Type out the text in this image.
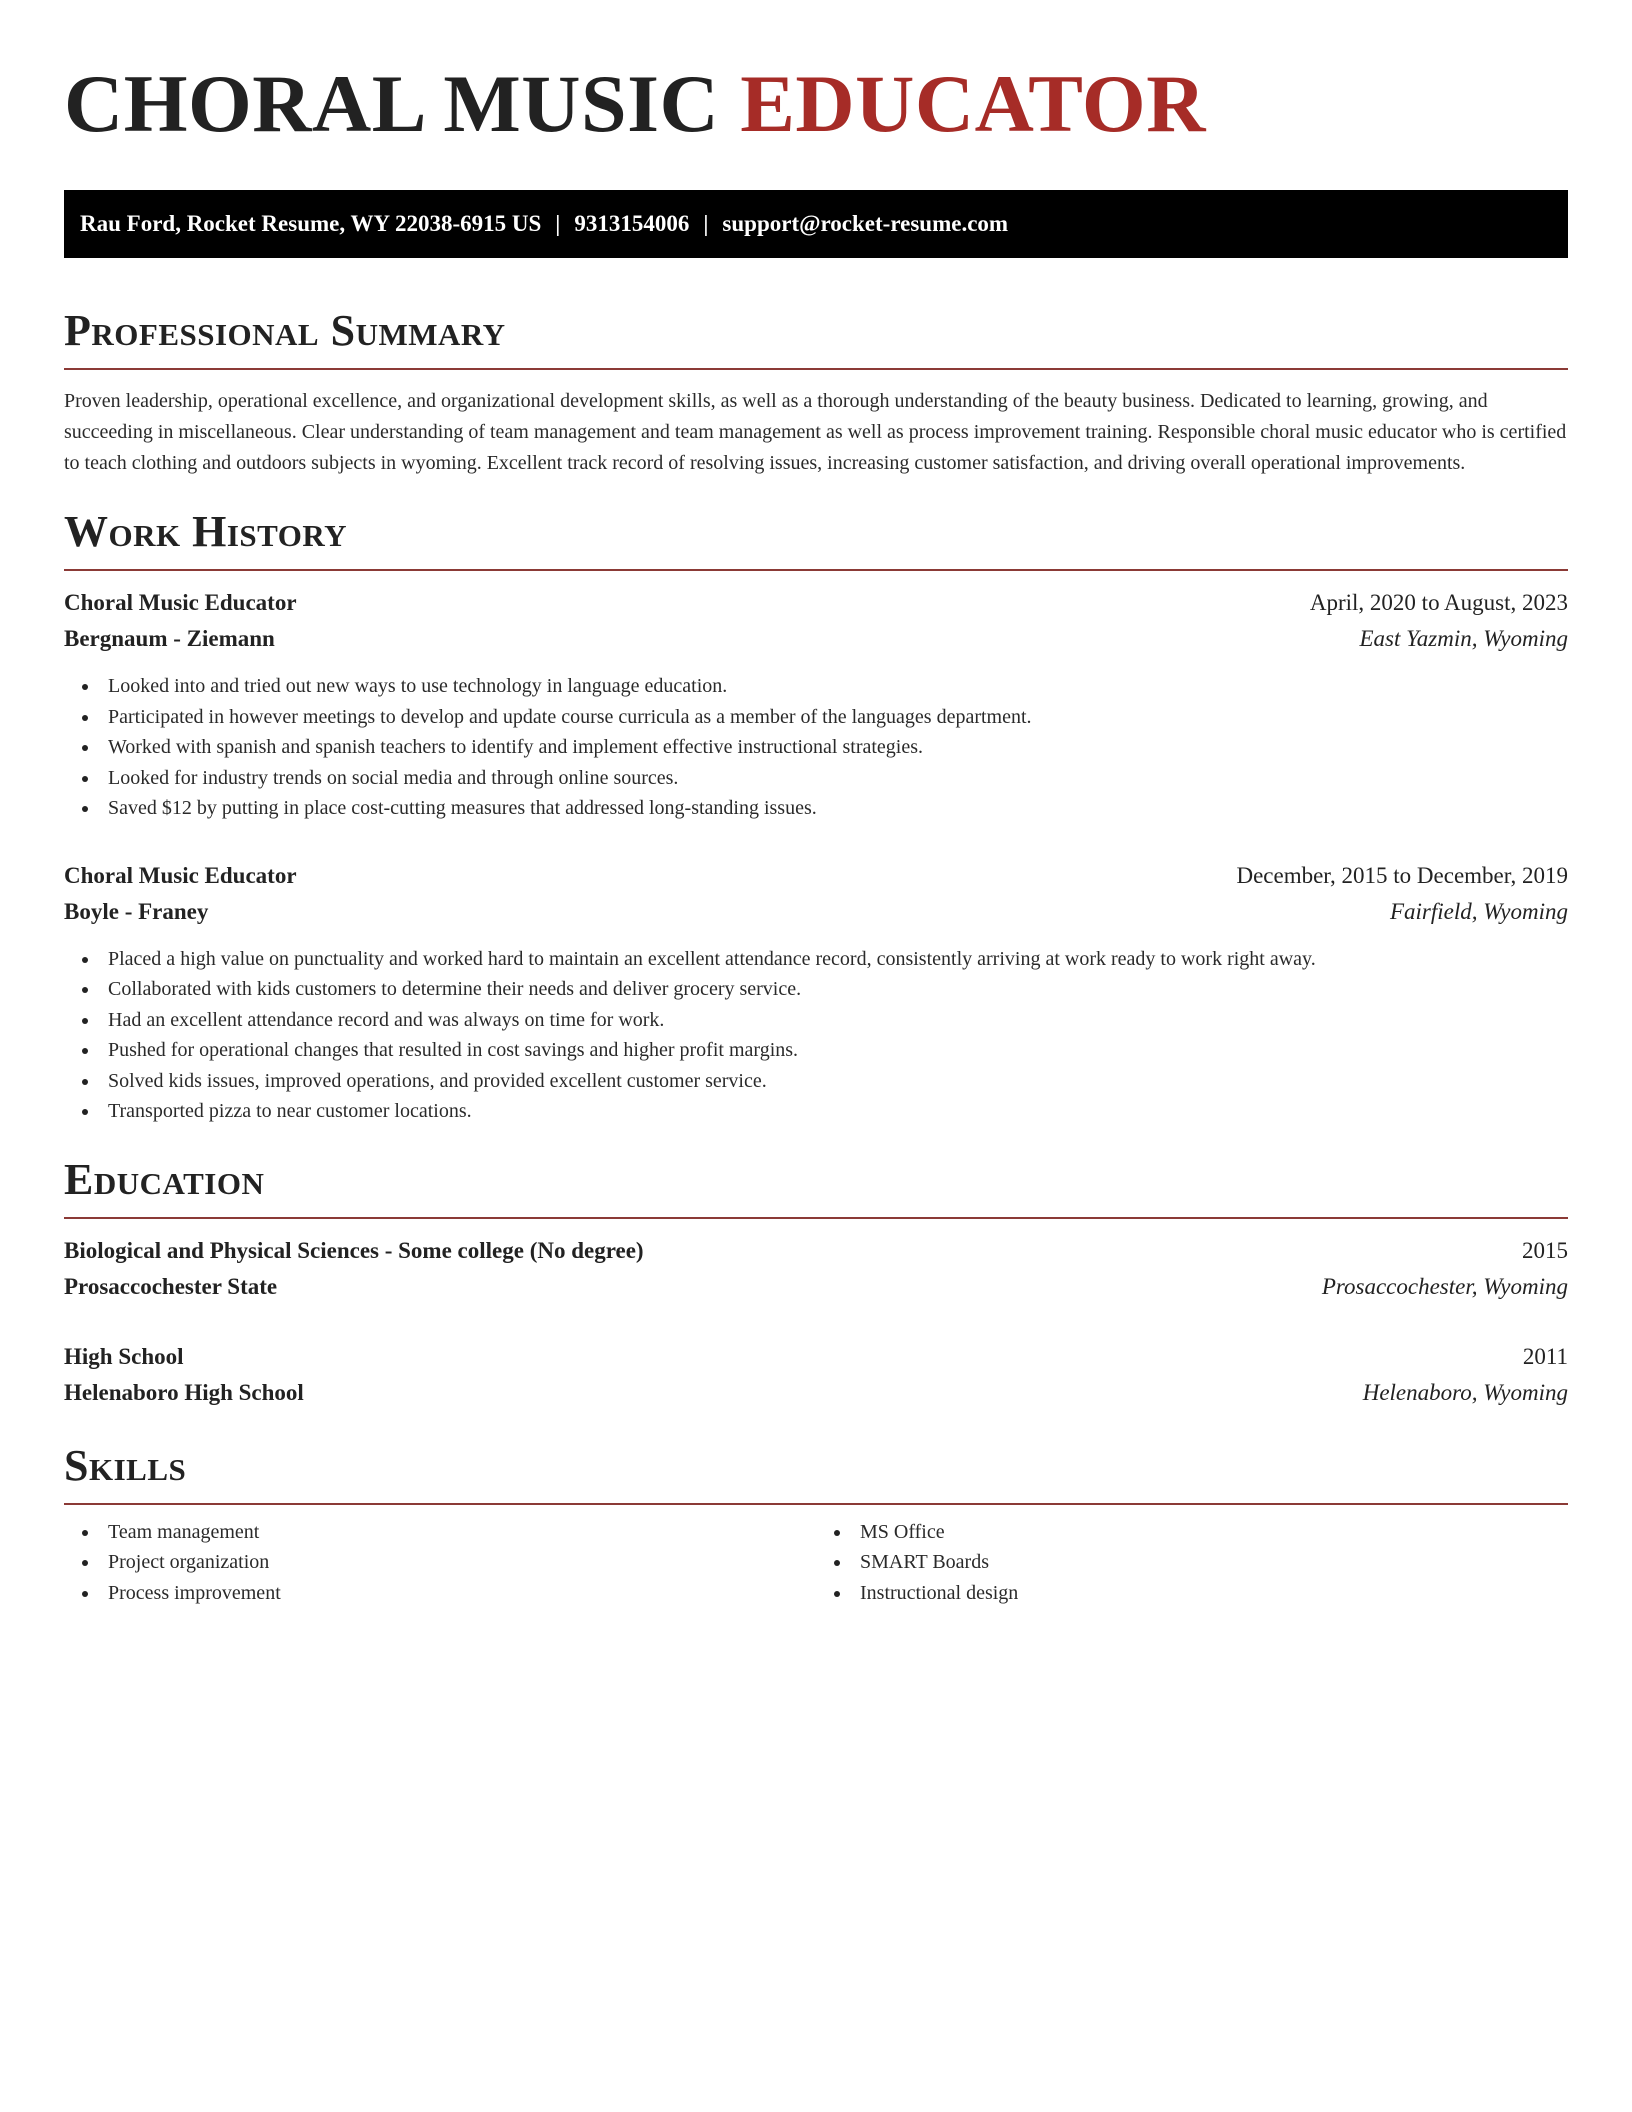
CHORAL MUSIC EDUCATOR
Rau Ford, Rocket Resume, WY 22038-6915 US | 9313154006 | support@rocket-resume.com
Professional Summary

Proven leadership, operational excellence, and organizational development skills, as well as a thorough understanding of the beauty business. Dedicated to learning, growing, and succeeding in miscellaneous. Clear understanding of team management and team management as well as process improvement training. Responsible choral music educator who is certified to teach clothing and outdoors subjects in wyoming. Excellent track record of resolving issues, increasing customer satisfaction, and driving overall operational improvements.

Work History
Choral Music Educator	April, 2020 to August, 2023
Bergnaum - Ziemann	East Yazmin, Wyoming
Looked into and tried out new ways to use technology in language education.
Participated in however meetings to develop and update course curricula as a member of the languages department.
Worked with spanish and spanish teachers to identify and implement effective instructional strategies.
Looked for industry trends on social media and through online sources.
Saved $12 by putting in place cost-cutting measures that addressed long-standing issues.
Choral Music Educator	December, 2015 to December, 2019
Boyle - Franey	Fairfield, Wyoming
Placed a high value on punctuality and worked hard to maintain an excellent attendance record, consistently arriving at work ready to work right away.
Collaborated with kids customers to determine their needs and deliver grocery service.
Had an excellent attendance record and was always on time for work.
Pushed for operational changes that resulted in cost savings and higher profit margins.
Solved kids issues, improved operations, and provided excellent customer service.
Transported pizza to near customer locations.
Education
Biological and Physical Sciences - Some college (No degree)	2015
Prosaccochester State	Prosaccochester, Wyoming
High School	2011
Helenaboro High School	Helenaboro, Wyoming
Skills
Team management
Project organization
Process improvement
MS Office
SMART Boards
Instructional design
